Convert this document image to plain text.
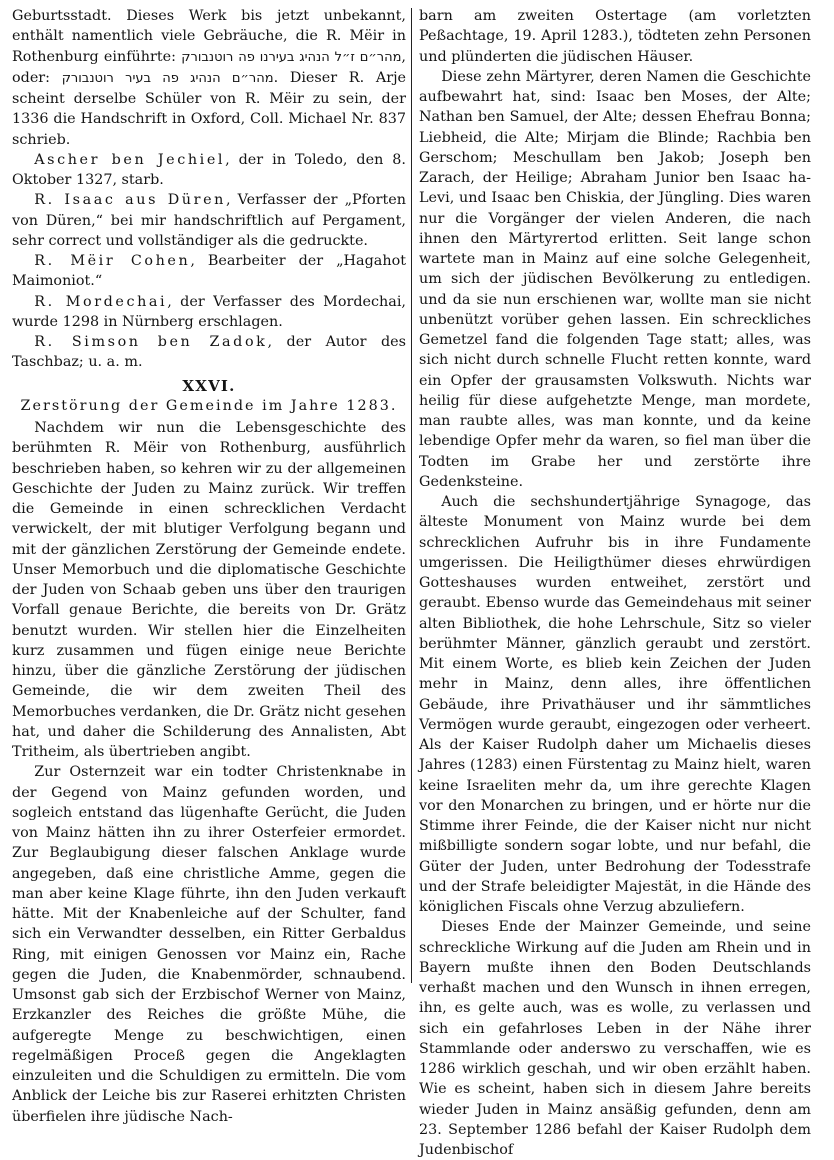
Geburtsstadt. Dieses Werk bis jetzt unbekannt, enthält namentlich viele Gebräuche, die R. Mëir in Rothenburg einführte: מהר״ם ז״ל הנהיג בעירנו פה רוטנבורק, oder: מהר״ם הנהיג פה בעיר רוטנבורק. Dieser R. Arje scheint derselbe Schüler von R. Mëir zu sein, der 1336 die Handschrift in Oxford, Coll. Michael Nr. 837 schrieb.

Ascher ben Jechiel, der in Toledo, den 8. Oktober 1327, starb.

R. Isaac aus Düren, Verfasser der „Pforten von Düren,“ bei mir handschriftlich auf Pergament, sehr correct und vollständiger als die gedruckte.

R. Mëir Cohen, Bearbeiter der „Hagahot Maimoniot.“

R. Mordechai, der Verfasser des Mordechai, wurde 1298 in Nürnberg erschlagen.

R. Simson ben Zadok, der Autor des Taschbaz; u. a. m.

XXVI.
Zerstörung der Gemeinde im Jahre 1283.

Nachdem wir nun die Lebensgeschichte des berühmten R. Mëir von Rothenburg, ausführlich beschrieben haben, so kehren wir zu der allgemeinen Geschichte der Juden zu Mainz zurück. Wir treffen die Gemeinde in einen schrecklichen Verdacht verwickelt, der mit blutiger Verfolgung begann und mit der gänzlichen Zerstörung der Gemeinde endete. Unser Memorbuch und die diplomatische Geschichte der Juden von Schaab geben uns über den traurigen Vorfall genaue Berichte, die bereits von Dr. Grätz benutzt wurden. Wir stellen hier die Einzelheiten kurz zusammen und fügen einige neue Berichte hinzu, über die gänzliche Zerstörung der jüdischen Gemeinde, die wir dem zweiten Theil des Memorbuches verdanken, die Dr. Grätz nicht gesehen hat, und daher die Schilderung des Annalisten, Abt Tritheim, als übertrieben angibt.

Zur Osternzeit war ein todter Christenknabe in der Gegend von Mainz gefunden worden, und sogleich entstand das lügenhafte Gerücht, die Juden von Mainz hätten ihn zu ihrer Osterfeier ermordet. Zur Beglaubigung dieser falschen Anklage wurde angegeben, daß eine christliche Amme, gegen die man aber keine Klage führte, ihn den Juden verkauft hätte. Mit der Knabenleiche auf der Schulter, fand sich ein Verwandter desselben, ein Ritter Gerbaldus Ring, mit einigen Genossen vor Mainz ein, Rache gegen die Juden, die Knabenmörder, schnaubend. Umsonst gab sich der Erzbischof Werner von Mainz, Erzkanzler des Reiches die größte Mühe, die aufgeregte Menge zu beschwichtigen, einen regelmäßigen Proceß gegen die Angeklagten einzuleiten und die Schuldigen zu ermitteln. Die vom Anblick der Leiche bis zur Raserei erhitzten Christen überfielen ihre jüdische Nach-

barn am zweiten Ostertage (am vorletzten Peßachtage, 19. April 1283.), tödteten zehn Personen und plünderten die jüdischen Häuser.

Diese zehn Märtyrer, deren Namen die Geschichte aufbewahrt hat, sind: Isaac ben Moses, der Alte; Nathan ben Samuel, der Alte; dessen Ehefrau Bonna; Liebheid, die Alte; Mirjam die Blinde; Rachbia ben Gerschom; Meschullam ben Jakob; Joseph ben Zarach, der Heilige; Abraham Junior ben Isaac ha-Levi, und Isaac ben Chiskia, der Jüngling. Dies waren nur die Vorgänger der vielen Anderen, die nach ihnen den Märtyrertod erlitten. Seit lange schon wartete man in Mainz auf eine solche Gelegenheit, um sich der jüdischen Bevölkerung zu entledigen. und da sie nun erschienen war, wollte man sie nicht unbenützt vorüber gehen lassen. Ein schreckliches Gemetzel fand die folgenden Tage statt; alles, was sich nicht durch schnelle Flucht retten konnte, ward ein Opfer der grausamsten Volkswuth. Nichts war heilig für diese aufgehetzte Menge, man mordete, man raubte alles, was man konnte, und da keine lebendige Opfer mehr da waren, so fiel man über die Todten im Grabe her und zerstörte ihre Gedenksteine.

Auch die sechshundertjährige Synagoge, das älteste Monument von Mainz wurde bei dem schrecklichen Aufruhr bis in ihre Fundamente umgerissen. Die Heiligthümer dieses ehrwürdigen Gotteshauses wurden entweihet, zerstört und geraubt. Ebenso wurde das Gemeindehaus mit seiner alten Bibliothek, die hohe Lehrschule, Sitz so vieler berühmter Männer, gänzlich geraubt und zerstört. Mit einem Worte, es blieb kein Zeichen der Juden mehr in Mainz, denn alles, ihre öffentlichen Gebäude, ihre Privathäuser und ihr sämmtliches Vermögen wurde geraubt, eingezogen oder verheert. Als der Kaiser Rudolph daher um Michaelis dieses Jahres (1283) einen Fürstentag zu Mainz hielt, waren keine Israeliten mehr da, um ihre gerechte Klagen vor den Monarchen zu bringen, und er hörte nur die Stimme ihrer Feinde, die der Kaiser nicht nur nicht mißbilligte sondern sogar lobte, und nur befahl, die Güter der Juden, unter Bedrohung der Todesstrafe und der Strafe beleidigter Majestät, in die Hände des königlichen Fiscals ohne Verzug abzuliefern.

Dieses Ende der Mainzer Gemeinde, und seine schreckliche Wirkung auf die Juden am Rhein und in Bayern mußte ihnen den Boden Deutschlands verhaßt machen und den Wunsch in ihnen erregen, ihn, es gelte auch, was es wolle, zu verlassen und sich ein gefahrloses Leben in der Nähe ihrer Stammlande oder anderswo zu verschaffen, wie es 1286 wirklich geschah, und wir oben erzählt haben. Wie es scheint, haben sich in diesem Jahre bereits wieder Juden in Mainz ansäßig gefunden, denn am 23. September 1286 befahl der Kaiser Rudolph dem Judenbischof
